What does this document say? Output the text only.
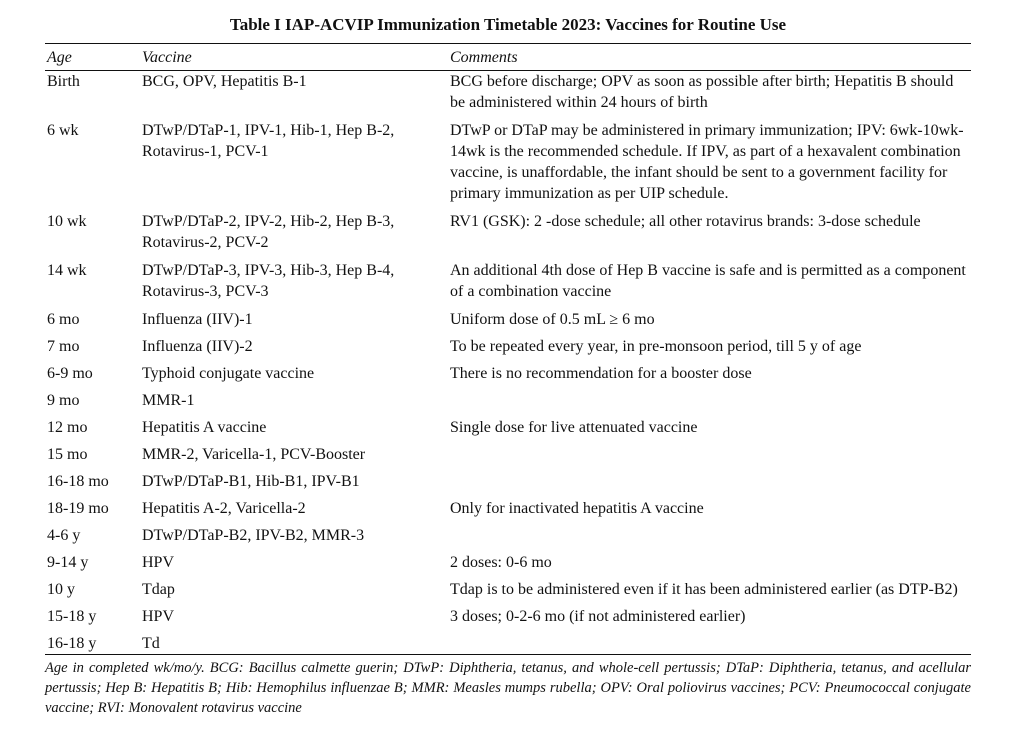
Table I IAP-ACVIP Immunization Timetable 2023: Vaccines for Routine Use
Age	Vaccine	Comments
Birth	BCG, OPV, Hepatitis B-1	BCG before discharge; OPV as soon as possible after birth; Hepatitis B should be administered within 24 hours of birth
6 wk	DTwP/DTaP-1, IPV-1, Hib-1, Hep B-2, Rotavirus-1, PCV-1	DTwP or DTaP may be administered in primary immunization; IPV: 6wk-10wk-14wk is the recommended schedule. If IPV, as part of a hexavalent combination vaccine, is unaffordable, the infant should be sent to a government facility for primary immunization as per UIP schedule.
10 wk	DTwP/DTaP-2, IPV-2, Hib-2, Hep B-3, Rotavirus-2, PCV-2	RV1 (GSK): 2 -dose schedule; all other rotavirus brands: 3-dose schedule
14 wk	DTwP/DTaP-3, IPV-3, Hib-3, Hep B-4, Rotavirus-3, PCV-3	An additional 4th dose of Hep B vaccine is safe and is permitted as a component of a combination vaccine
6 mo	Influenza (IIV)-1	Uniform dose of 0.5 mL ≥ 6 mo
7 mo	Influenza (IIV)-2	To be repeated every year, in pre-monsoon period, till 5 y of age
6-9 mo	Typhoid conjugate vaccine	There is no recommendation for a booster dose
9 mo	MMR-1	
12 mo	Hepatitis A vaccine	Single dose for live attenuated vaccine
15 mo	MMR-2, Varicella-1, PCV-Booster	
16-18 mo	DTwP/DTaP-B1, Hib-B1, IPV-B1	
18-19 mo	Hepatitis A-2, Varicella-2	Only for inactivated hepatitis A vaccine
4-6 y	DTwP/DTaP-B2, IPV-B2, MMR-3	
9-14 y	HPV	2 doses: 0-6 mo
10 y	Tdap	Tdap is to be administered even if it has been administered earlier (as DTP-B2)
15-18 y	HPV	3 doses; 0-2-6 mo (if not administered earlier)
16-18 y	Td	
Age in completed wk/mo/y. BCG: Bacillus calmette guerin; DTwP: Diphtheria, tetanus, and whole-cell pertussis; DTaP: Diphtheria, tetanus, and acellular pertussis; Hep B: Hepatitis B; Hib: Hemophilus influenzae B; MMR: Measles mumps rubella; OPV: Oral poliovirus vaccines; PCV: Pneumococcal conjugate vaccine; RVI: Monovalent rotavirus vaccine
